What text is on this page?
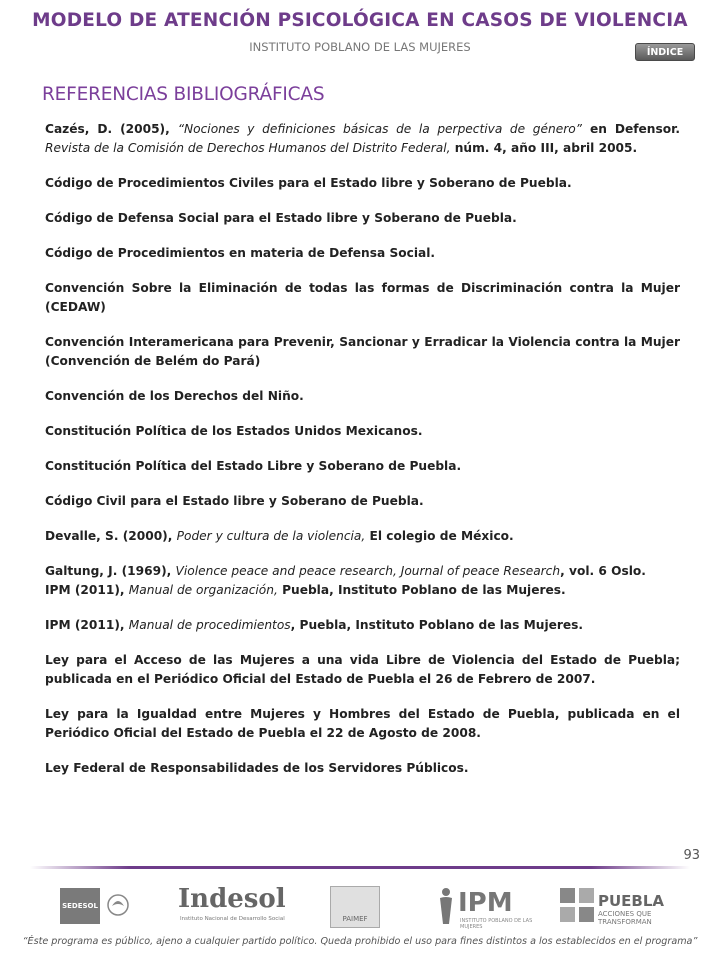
MODELO DE ATENCIÓN PSICOLÓGICA EN CASOS DE VIOLENCIA

INSTITUTO POBLANO DE LAS MUJERES	ÍNDICE
REFERENCIAS BIBLIOGRÁFICAS

Cazés, D. (2005), “Nociones y definiciones básicas de la perpectiva de género” en Defensor. Revista de la Comisión de Derechos Humanos del Distrito Federal, núm. 4, año III, abril 2005.

Código de Procedimientos Civiles para el Estado libre y Soberano de Puebla.

Código de Defensa Social para el Estado libre y Soberano de Puebla.

Código de Procedimientos en materia de Defensa Social.

Convención Sobre la Eliminación de todas las formas de Discriminación contra la Mujer (CEDAW)

Convención Interamericana para Prevenir, Sancionar y Erradicar la Violencia contra la Mujer (Convención de Belém do Pará)

Convención de los Derechos del Niño.

Constitución Política de los Estados Unidos Mexicanos.

Constitución Política del Estado Libre y Soberano de Puebla.

Código Civil para el Estado libre y Soberano de Puebla.

Devalle, S. (2000), Poder y cultura de la violencia, El colegio de México.

Galtung, J. (1969), Violence peace and peace research, Journal of peace Research, vol. 6 Oslo.

IPM (2011), Manual de organización, Puebla, Instituto Poblano de las Mujeres.

IPM (2011), Manual de procedimientos, Puebla, Instituto Poblano de las Mujeres.

Ley para el Acceso de las Mujeres a una vida Libre de Violencia del Estado de Puebla; publicada en el Periódico Oficial del Estado de Puebla el 26 de Febrero de 2007.

Ley para la Igualdad entre Mujeres y Hombres del Estado de Puebla, publicada en el Periódico Oficial del Estado de Puebla el 22 de Agosto de 2008.

Ley Federal de Responsabilidades de los Servidores Públicos.

93
SEDESOL	Indesol
Instituto Nacional de Desarrollo Social	PAIMEF
IPM
INSTITUTO POBLANO DE LAS MUJERES
PUEBLA
ACCIONES QUE TRANSFORMAN

“Éste programa es público, ajeno a cualquier partido político. Queda prohibido el uso para fines distintos a los establecidos en el programa”
